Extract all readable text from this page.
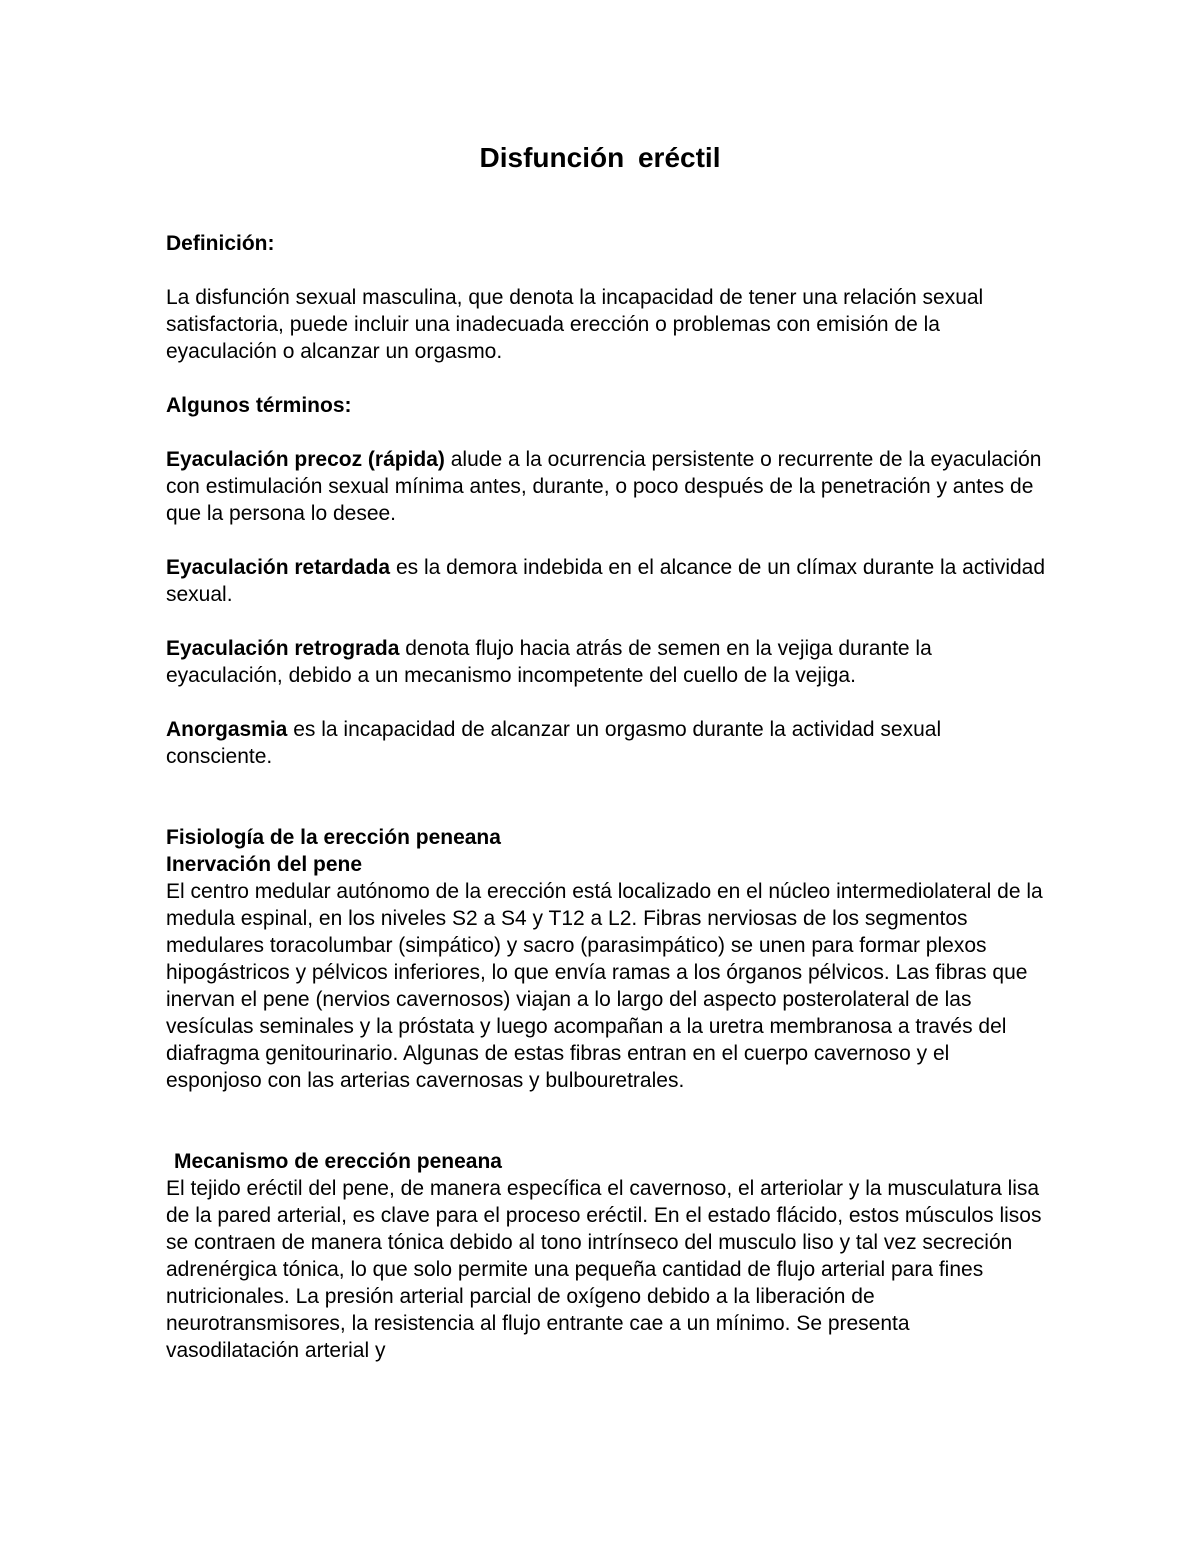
Disfunción eréctil

Definición:

La disfunción sexual masculina, que denota la incapacidad de tener una relación sexual satisfactoria, puede incluir una inadecuada erección o problemas con emisión de la eyaculación o alcanzar un orgasmo.

Algunos términos:

Eyaculación precoz (rápida) alude a la ocurrencia persistente o recurrente de la eyaculación con estimulación sexual mínima antes, durante, o poco después de la penetración y antes de que la persona lo desee.

Eyaculación retardada es la demora indebida en el alcance de un clímax durante la actividad sexual.

Eyaculación retrograda denota flujo hacia atrás de semen en la vejiga durante la eyaculación, debido a un mecanismo incompetente del cuello de la vejiga.

Anorgasmia es la incapacidad de alcanzar un orgasmo durante la actividad sexual consciente.

Fisiología de la erección peneana

Inervación del pene

El centro medular autónomo de la erección está localizado en el núcleo intermediolateral de la medula espinal, en los niveles S2 a S4 y T12 a L2. Fibras nerviosas de los segmentos medulares toracolumbar (simpático) y sacro (parasimpático) se unen para formar plexos hipogástricos y pélvicos inferiores, lo que envía ramas a los órganos pélvicos. Las fibras que inervan el pene (nervios cavernosos) viajan a lo largo del aspecto posterolateral de las vesículas seminales y la próstata y luego acompañan a la uretra membranosa a través del diafragma genitourinario. Algunas de estas fibras entran en el cuerpo cavernoso y el esponjoso con las arterias cavernosas y bulbouretrales.

Mecanismo de erección peneana

El tejido eréctil del pene, de manera específica el cavernoso, el arteriolar y la musculatura lisa de la pared arterial, es clave para el proceso eréctil. En el estado flácido, estos músculos lisos se contraen de manera tónica debido al tono intrínseco del musculo liso y tal vez secreción adrenérgica tónica, lo que solo permite una pequeña cantidad de flujo arterial para fines nutricionales. La presión arterial parcial de oxígeno debido a la liberación de neurotransmisores, la resistencia al flujo entrante cae a un mínimo. Se presenta vasodilatación arterial y
